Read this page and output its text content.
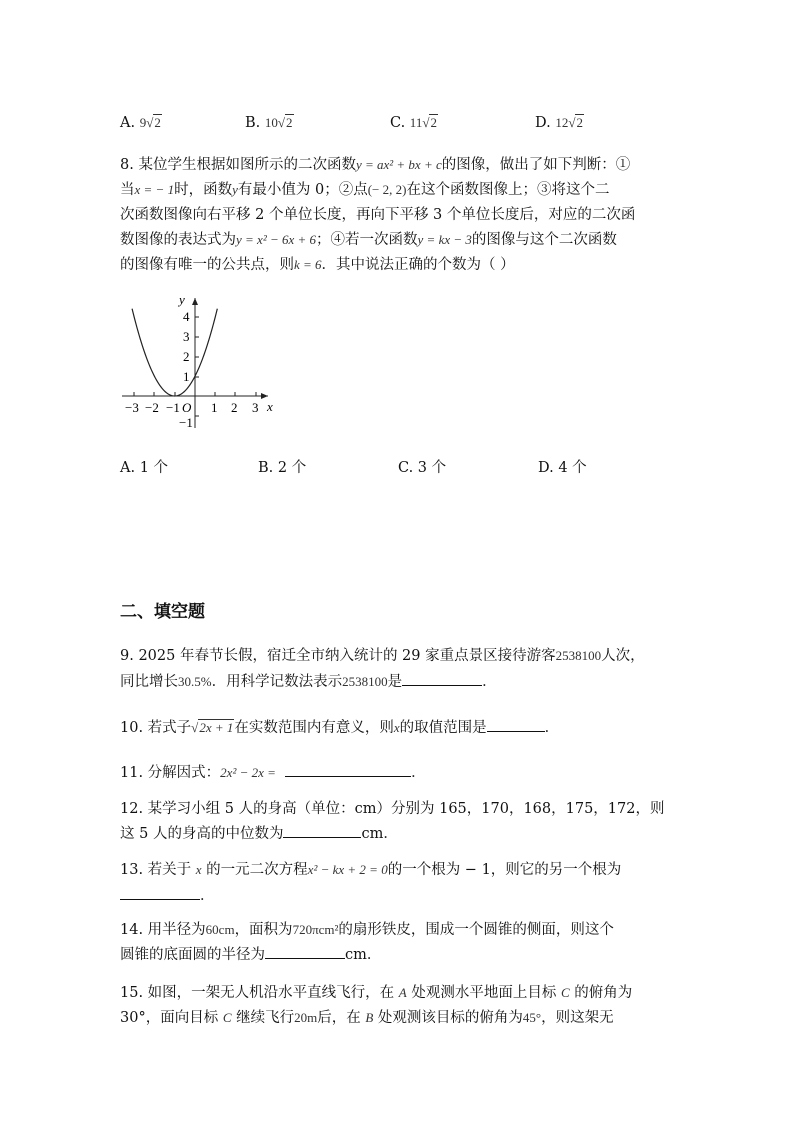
A. 9√2	B. 10√2	C. 11√2	D. 12√2
8. 某位学生根据如图所示的二次函数y = ax² + bx + c的图像，做出了如下判断：①
当x = − 1时，函数y有最小值为 0；②点(− 2, 2)在这个函数图像上；③将这个二
次函数图像向右平移 2 个单位长度，再向下平移 3 个单位长度后，对应的二次函
数图像的表达式为y = x² − 6x + 6；④若一次函数y = kx − 3的图像与这个二次函数
的图像有唯一的公共点，则k = 6．其中说法正确的个数为（ ）
y
x
O
−3 −2 −1 1 2 3
4
3
2
1
−1
A. 1 个	B. 2 个	C. 3 个	D. 4 个
二、填空题
9. 2025 年春节长假，宿迁全市纳入统计的 29 家重点景区接待游客2538100人次，
同比增长30.5%．用科学记数法表示2538100是	．
10. 若式子√2x + 1在实数范围内有意义，则x的取值范围是	．
11. 分解因式：2x² − 2x =	．
12. 某学习小组 5 人的身高（单位：cm）分别为 165，170，168，175，172，则
这 5 人的身高的中位数为	cm．
13. 若关于 x 的一元二次方程x² − kx + 2 = 0的一个根为 − 1，则它的另一个根为
．
14. 用半径为60cm，面积为720πcm²的扇形铁皮，围成一个圆锥的侧面，则这个
圆锥的底面圆的半径为	cm．
15. 如图，一架无人机沿水平直线飞行，在 A 处观测水平地面上目标 C 的俯角为
30°，面向目标 C 继续飞行20m后，在 B 处观测该目标的俯角为45°，则这架无
